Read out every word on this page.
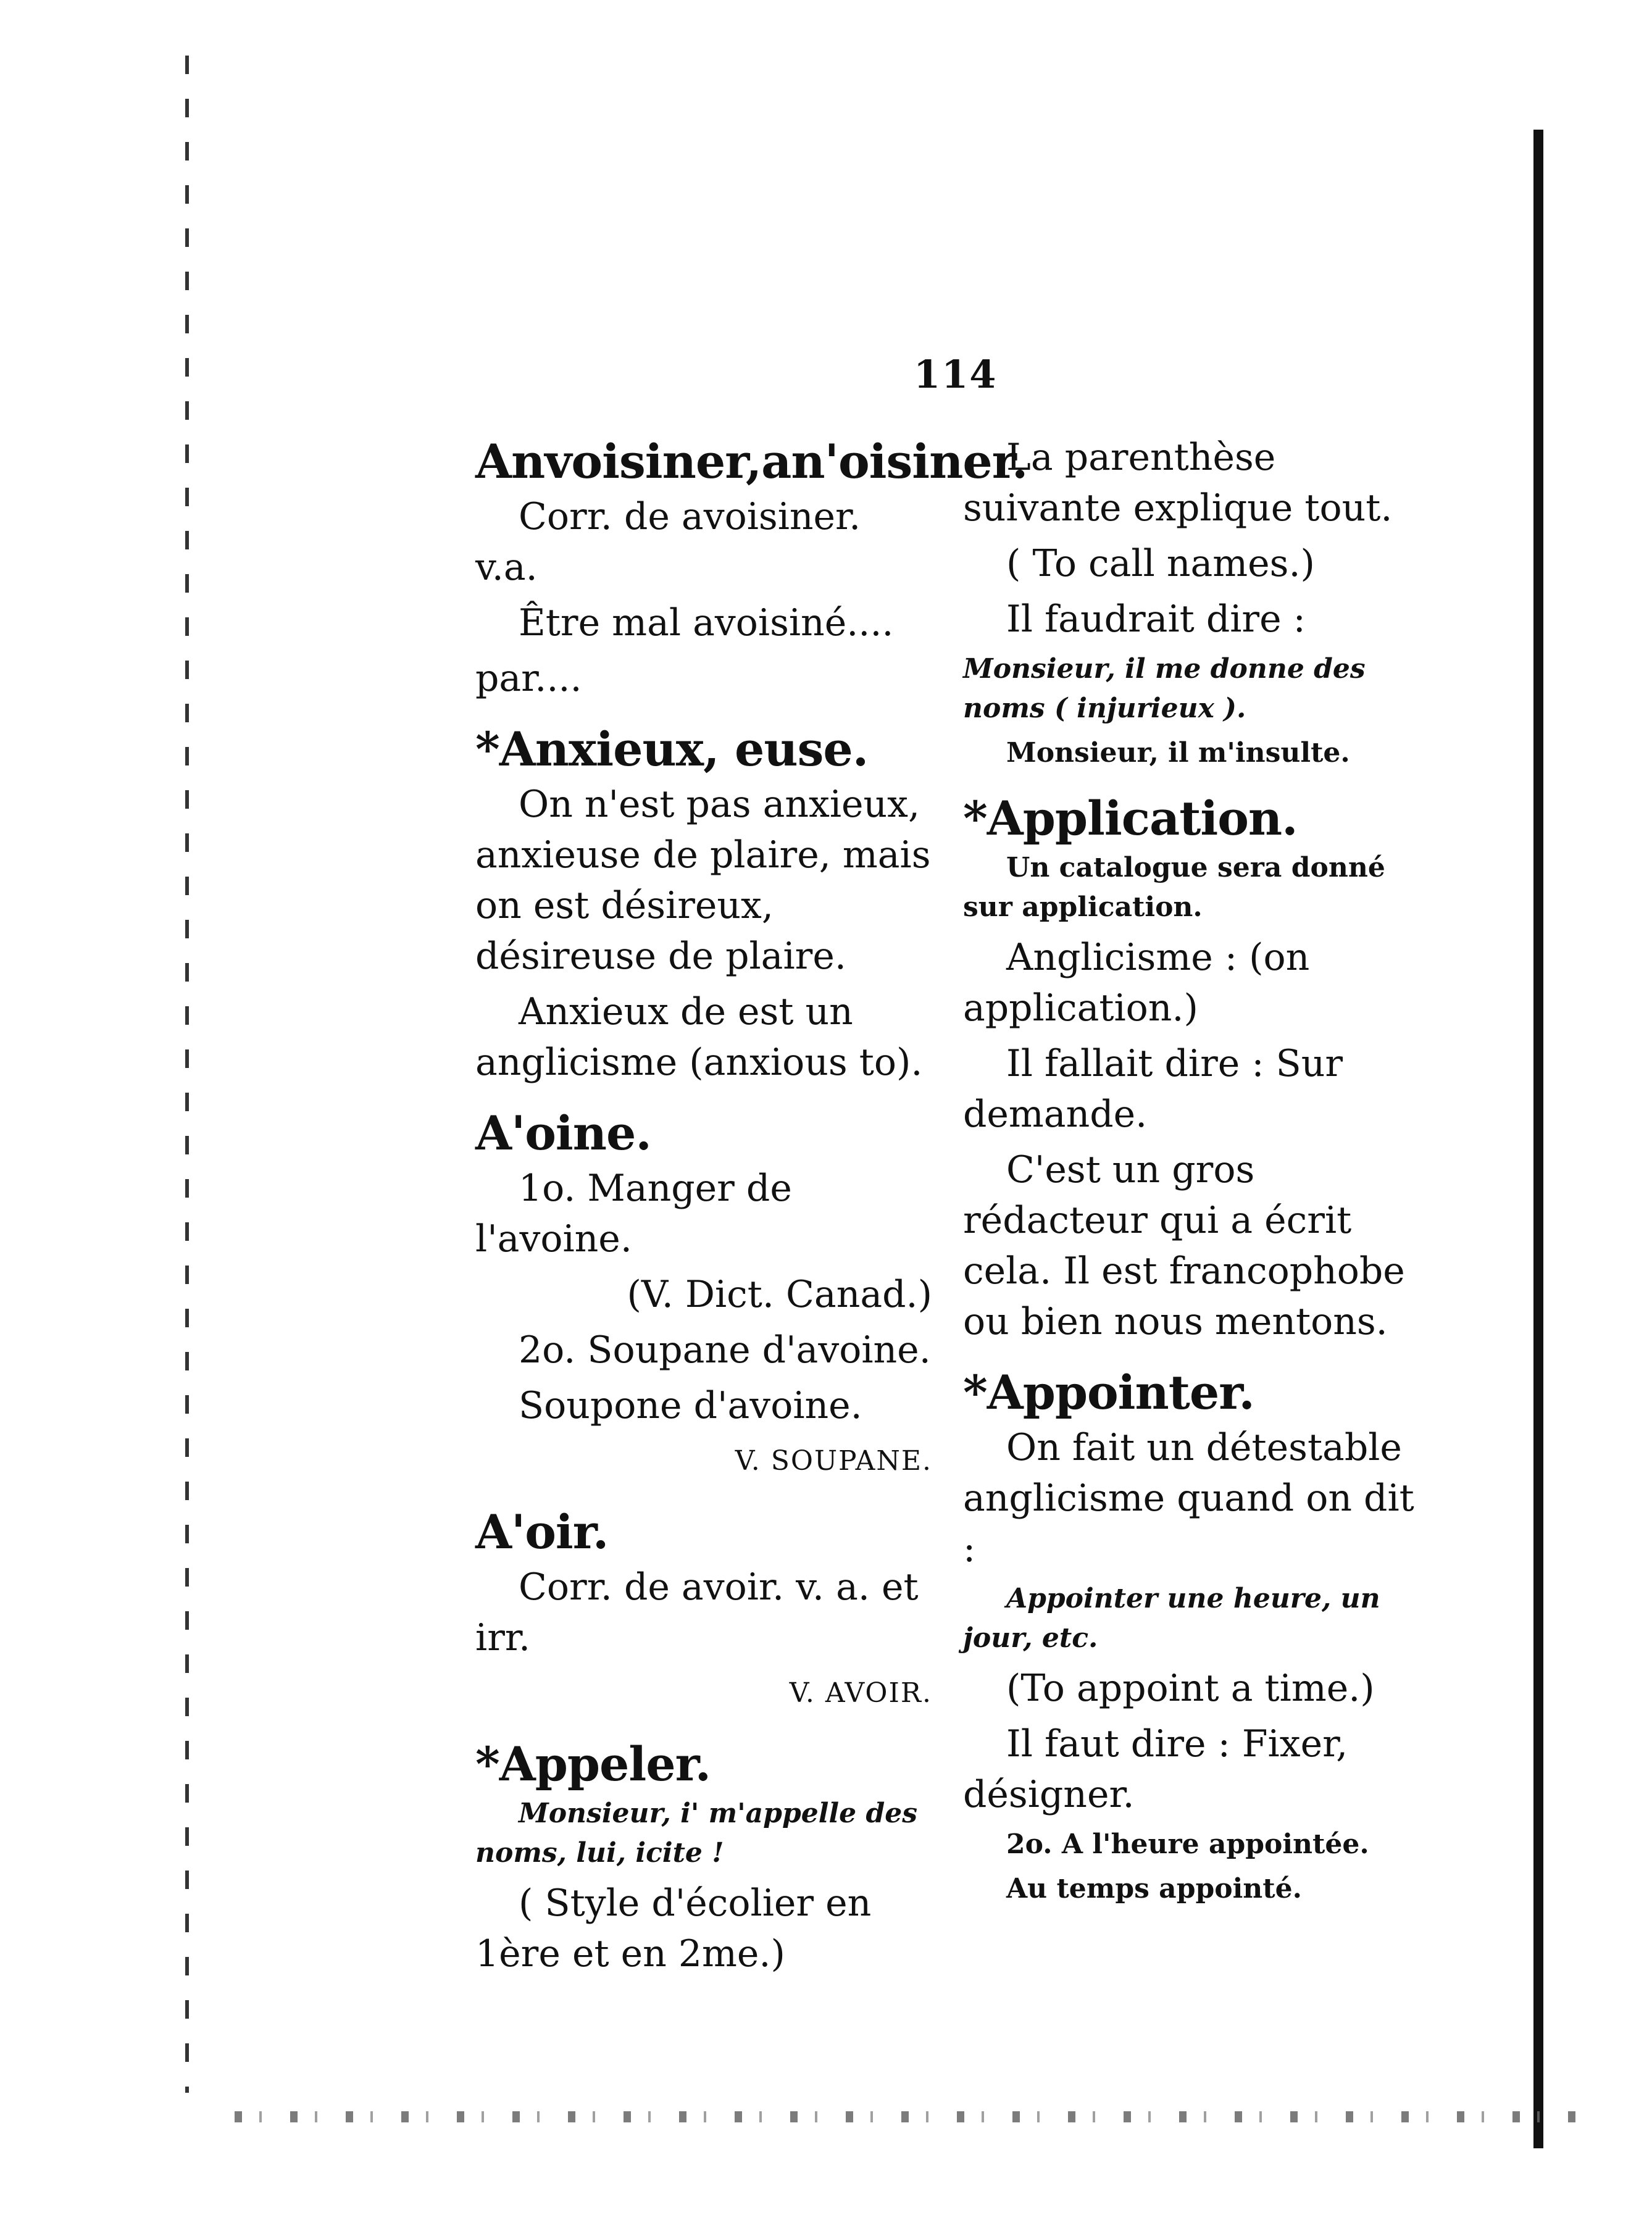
114
Anvoisiner,an'oisiner.
Corr. de avoisiner. v.a.
Être mal avoisiné....
par....
*Anxieux, euse.
On n'est pas anxieux, anxieuse de plaire, mais on est désireux, désireuse de plaire.
Anxieux de est un anglicisme (anxious to).
A'oine.
1o. Manger de l'avoine.
(V. Dict. Canad.)
2o. Soupane d'avoine.
Soupone d'avoine.
V. SOUPANE.
A'oir.
Corr. de avoir. v. a. et irr.
V. AVOIR.
*Appeler.
Monsieur, i' m'appelle des noms, lui, icite !
( Style d'écolier en 1ère et en 2me.)
La parenthèse suivante explique tout.
( To call names.)
Il faudrait dire :
Monsieur, il me donne des noms ( injurieux ).
Monsieur, il m'insulte.
*Application.
Un catalogue sera donné sur application.
Anglicisme : (on application.)
Il fallait dire : Sur demande.
C'est un gros rédacteur qui a écrit cela. Il est francophobe ou bien nous mentons.
*Appointer.
On fait un détestable anglicisme quand on dit :
Appointer une heure, un jour, etc.
(To appoint a time.)
Il faut dire : Fixer, désigner.
2o. A l'heure appointée.
Au temps appointé.
